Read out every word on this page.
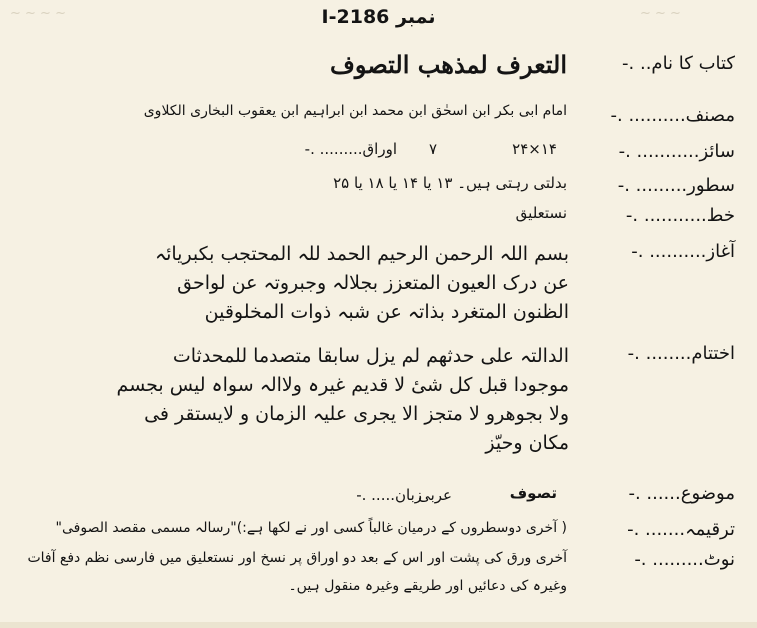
~ ~ ~ ~	~ ~ ~
نمبر 2186-I
کتاب کا نام.. .-
التعرف لمذھب التصوف
مصنف.......... .-
امام ابی بکر ابن اسحٰق ابن محمد ابن ابراہیم ابن یعقوب البخاری الکلاوی
سائز........... .-
۱۴×۲۴
اوراق......... .- ۷
سطور......... .-
بدلتی رہتی ہیں۔ ۱۳ یا ۱۴ یا ۱۸ یا ۲۵
خط........... .-
نستعلیق
آغاز.......... .-
بسم اللہ الرحمن الرحیم الحمد للہ المحتجب بکبریائہ
عن درک العیون المتعزز بجلالہ وجبروتہ عن لواحق
الظنون المتغرد بذاتہ عن شبہ ذوات المخلوقین
اختتام........ .-
الدالتہ علی حدثھم لم یزل سابقا متصدما للمحدثات
موجودا قبل کل شیٔ لا قدیم غیرہ ولاالہ سواہ لیس بجسم
ولا بجوھرو لا متجز الا یجری علیہ الزمان و لایستقر فی
مکان وحیّز
موضوع...... .-
تصوف
زبان..... .-
عربی
ترقیمہ....... .-
( آخری دوسطروں کے درمیان غالباً کسی اور نے لکھا ہے:)"رسالہ مسمی مقصد الصوفی"
نوٹ......... .-
آخری ورق کی پشت اور اس کے بعد دو اوراق پر نسخ اور نستعلیق میں فارسی نظم دفع آفات
وغیرہ کی دعائیں اور طریقے وغیرہ منقول ہیں۔
